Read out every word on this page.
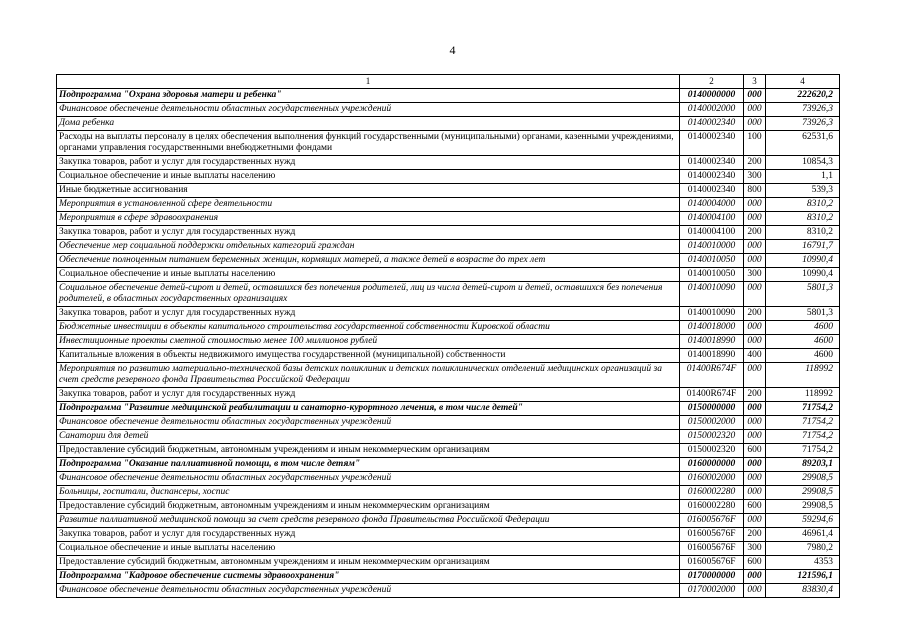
4
1	2	3	4
Подпрограмма "Охрана здоровья матери и ребенка"	0140000000	000	222620,2
Финансовое обеспечение деятельности областных государственных учреждений	0140002000	000	73926,3
Дома ребенка	0140002340	000	73926,3
Расходы на выплаты персоналу в целях обеспечения выполнения функций государственными (муниципальными) органами, казенными учреждениями, органами управления государственными внебюджетными фондами	0140002340	100	62531,6
Закупка товаров, работ и услуг для государственных нужд	0140002340	200	10854,3
Социальное обеспечение и иные выплаты населению	0140002340	300	1,1
Иные бюджетные ассигнования	0140002340	800	539,3
Мероприятия в установленной сфере деятельности	0140004000	000	8310,2
Мероприятия в сфере здравоохранения	0140004100	000	8310,2
Закупка товаров, работ и услуг для государственных нужд	0140004100	200	8310,2
Обеспечение мер социальной поддержки отдельных категорий граждан	0140010000	000	16791,7
Обеспечение полноценным питанием беременных женщин, кормящих матерей, а также детей в возрасте до трех лет	0140010050	000	10990,4
Социальное обеспечение и иные выплаты населению	0140010050	300	10990,4
Социальное обеспечение детей-сирот и детей, оставшихся без попечения родителей, лиц из числа детей-сирот и детей, оставшихся без попечения родителей, в областных государственных организациях	0140010090	000	5801,3
Закупка товаров, работ и услуг для государственных нужд	0140010090	200	5801,3
Бюджетные инвестиции в объекты капитального строительства государственной собственности Кировской области	0140018000	000	4600
Инвестиционные проекты сметной стоимостью менее 100 миллионов рублей	0140018990	000	4600
Капитальные вложения в объекты недвижимого имущества государственной (муниципальной) собственности	0140018990	400	4600
Мероприятия по развитию материально-технической базы детских поликлиник и детских поликлинических отделений медицинских организаций за счет средств резервного фонда Правительства Российской Федерации	01400R674F	000	118992
Закупка товаров, работ и услуг для государственных нужд	01400R674F	200	118992
Подпрограмма "Развитие медицинской реабилитации и санаторно-курортного лечения, в том числе детей"	0150000000	000	71754,2
Финансовое обеспечение деятельности областных государственных учреждений	0150002000	000	71754,2
Санатории для детей	0150002320	000	71754,2
Предоставление субсидий бюджетным, автономным учреждениям и иным некоммерческим организациям	0150002320	600	71754,2
Подпрограмма "Оказание паллиативной помощи, в том числе детям"	0160000000	000	89203,1
Финансовое обеспечение деятельности областных государственных учреждений	0160002000	000	29908,5
Больницы, госпитали, диспансеры, хоспис	0160002280	000	29908,5
Предоставление субсидий бюджетным, автономным учреждениям и иным некоммерческим организациям	0160002280	600	29908,5
Развитие паллиативной медицинской помощи за счет средств резервного фонда Правительства Российской Федерации	016005676F	000	59294,6
Закупка товаров, работ и услуг для государственных нужд	016005676F	200	46961,4
Социальное обеспечение и иные выплаты населению	016005676F	300	7980,2
Предоставление субсидий бюджетным, автономным учреждениям и иным некоммерческим организациям	016005676F	600	4353
Подпрограмма "Кадровое обеспечение системы здравоохранения"	0170000000	000	121596,1
Финансовое обеспечение деятельности областных государственных учреждений	0170002000	000	83830,4
